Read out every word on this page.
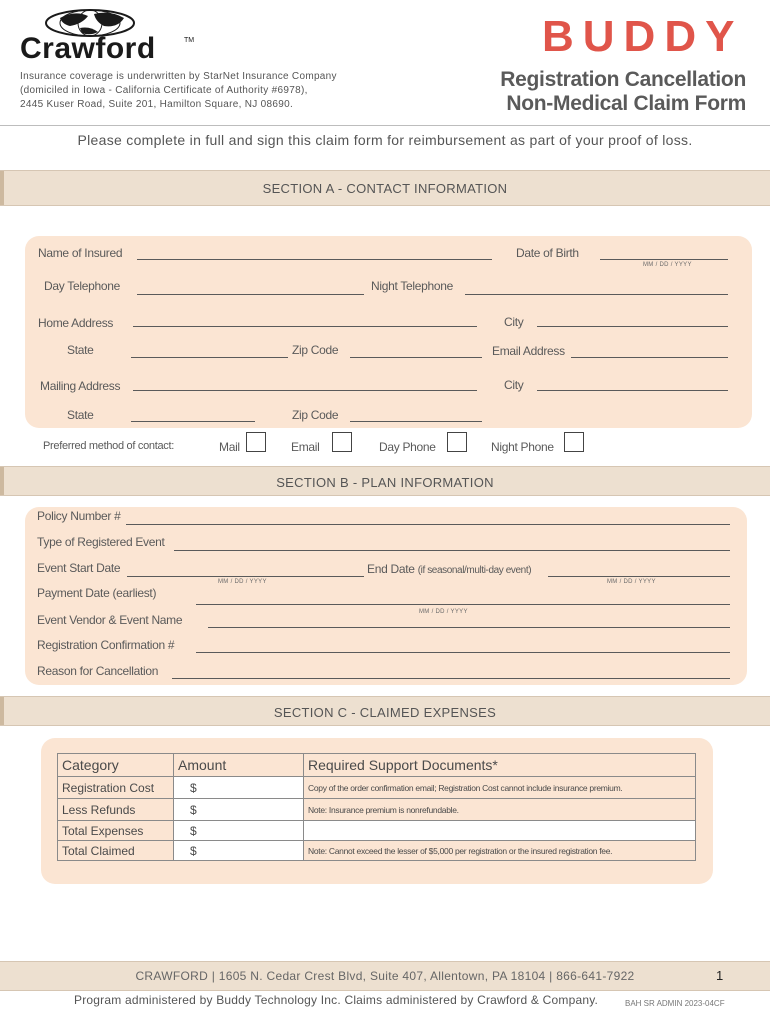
Crawford	TM
Insurance coverage is underwritten by StarNet Insurance Company
(domiciled in Iowa - California Certificate of Authority #6978),
2445 Kuser Road, Suite 201, Hamilton Square, NJ 08690.
BUDDY
Registration Cancellation
Non-Medical Claim Form
Please complete in full and sign this claim form for reimbursement as part of your proof of loss.
SECTION A - CONTACT INFORMATION
Name of Insured	Date of Birth
MM / DD / YYYY
Day Telephone	Night Telephone
Home Address	City
State	Zip Code	Email Address
Mailing Address	City
State	Zip Code
Preferred method of contact:	Mail	Email	Day Phone	Night Phone
SECTION B - PLAN INFORMATION
Policy Number #
Type of Registered Event
Event Start Date
MM / DD / YYYY
End Date (if seasonal/multi-day event)
MM / DD / YYYY
Payment Date (earliest)
MM / DD / YYYY
Event Vendor & Event Name
Registration Confirmation #
Reason for Cancellation
SECTION C - CLAIMED EXPENSES
Category	Amount	Required Support Documents*
Registration Cost	$	Copy of the order confirmation email; Registration Cost cannot include insurance premium.
Less Refunds	$	Note: Insurance premium is nonrefundable.
Total Expenses	$	
Total Claimed	$	Note: Cannot exceed the lesser of $5,000 per registration or the insured registration fee.
CRAWFORD | 1605 N. Cedar Crest Blvd, Suite 407, Allentown, PA 18104 | 866-641-7922	1
Program administered by Buddy Technology Inc. Claims administered by Crawford & Company.	BAH SR ADMIN 2023-04CF
